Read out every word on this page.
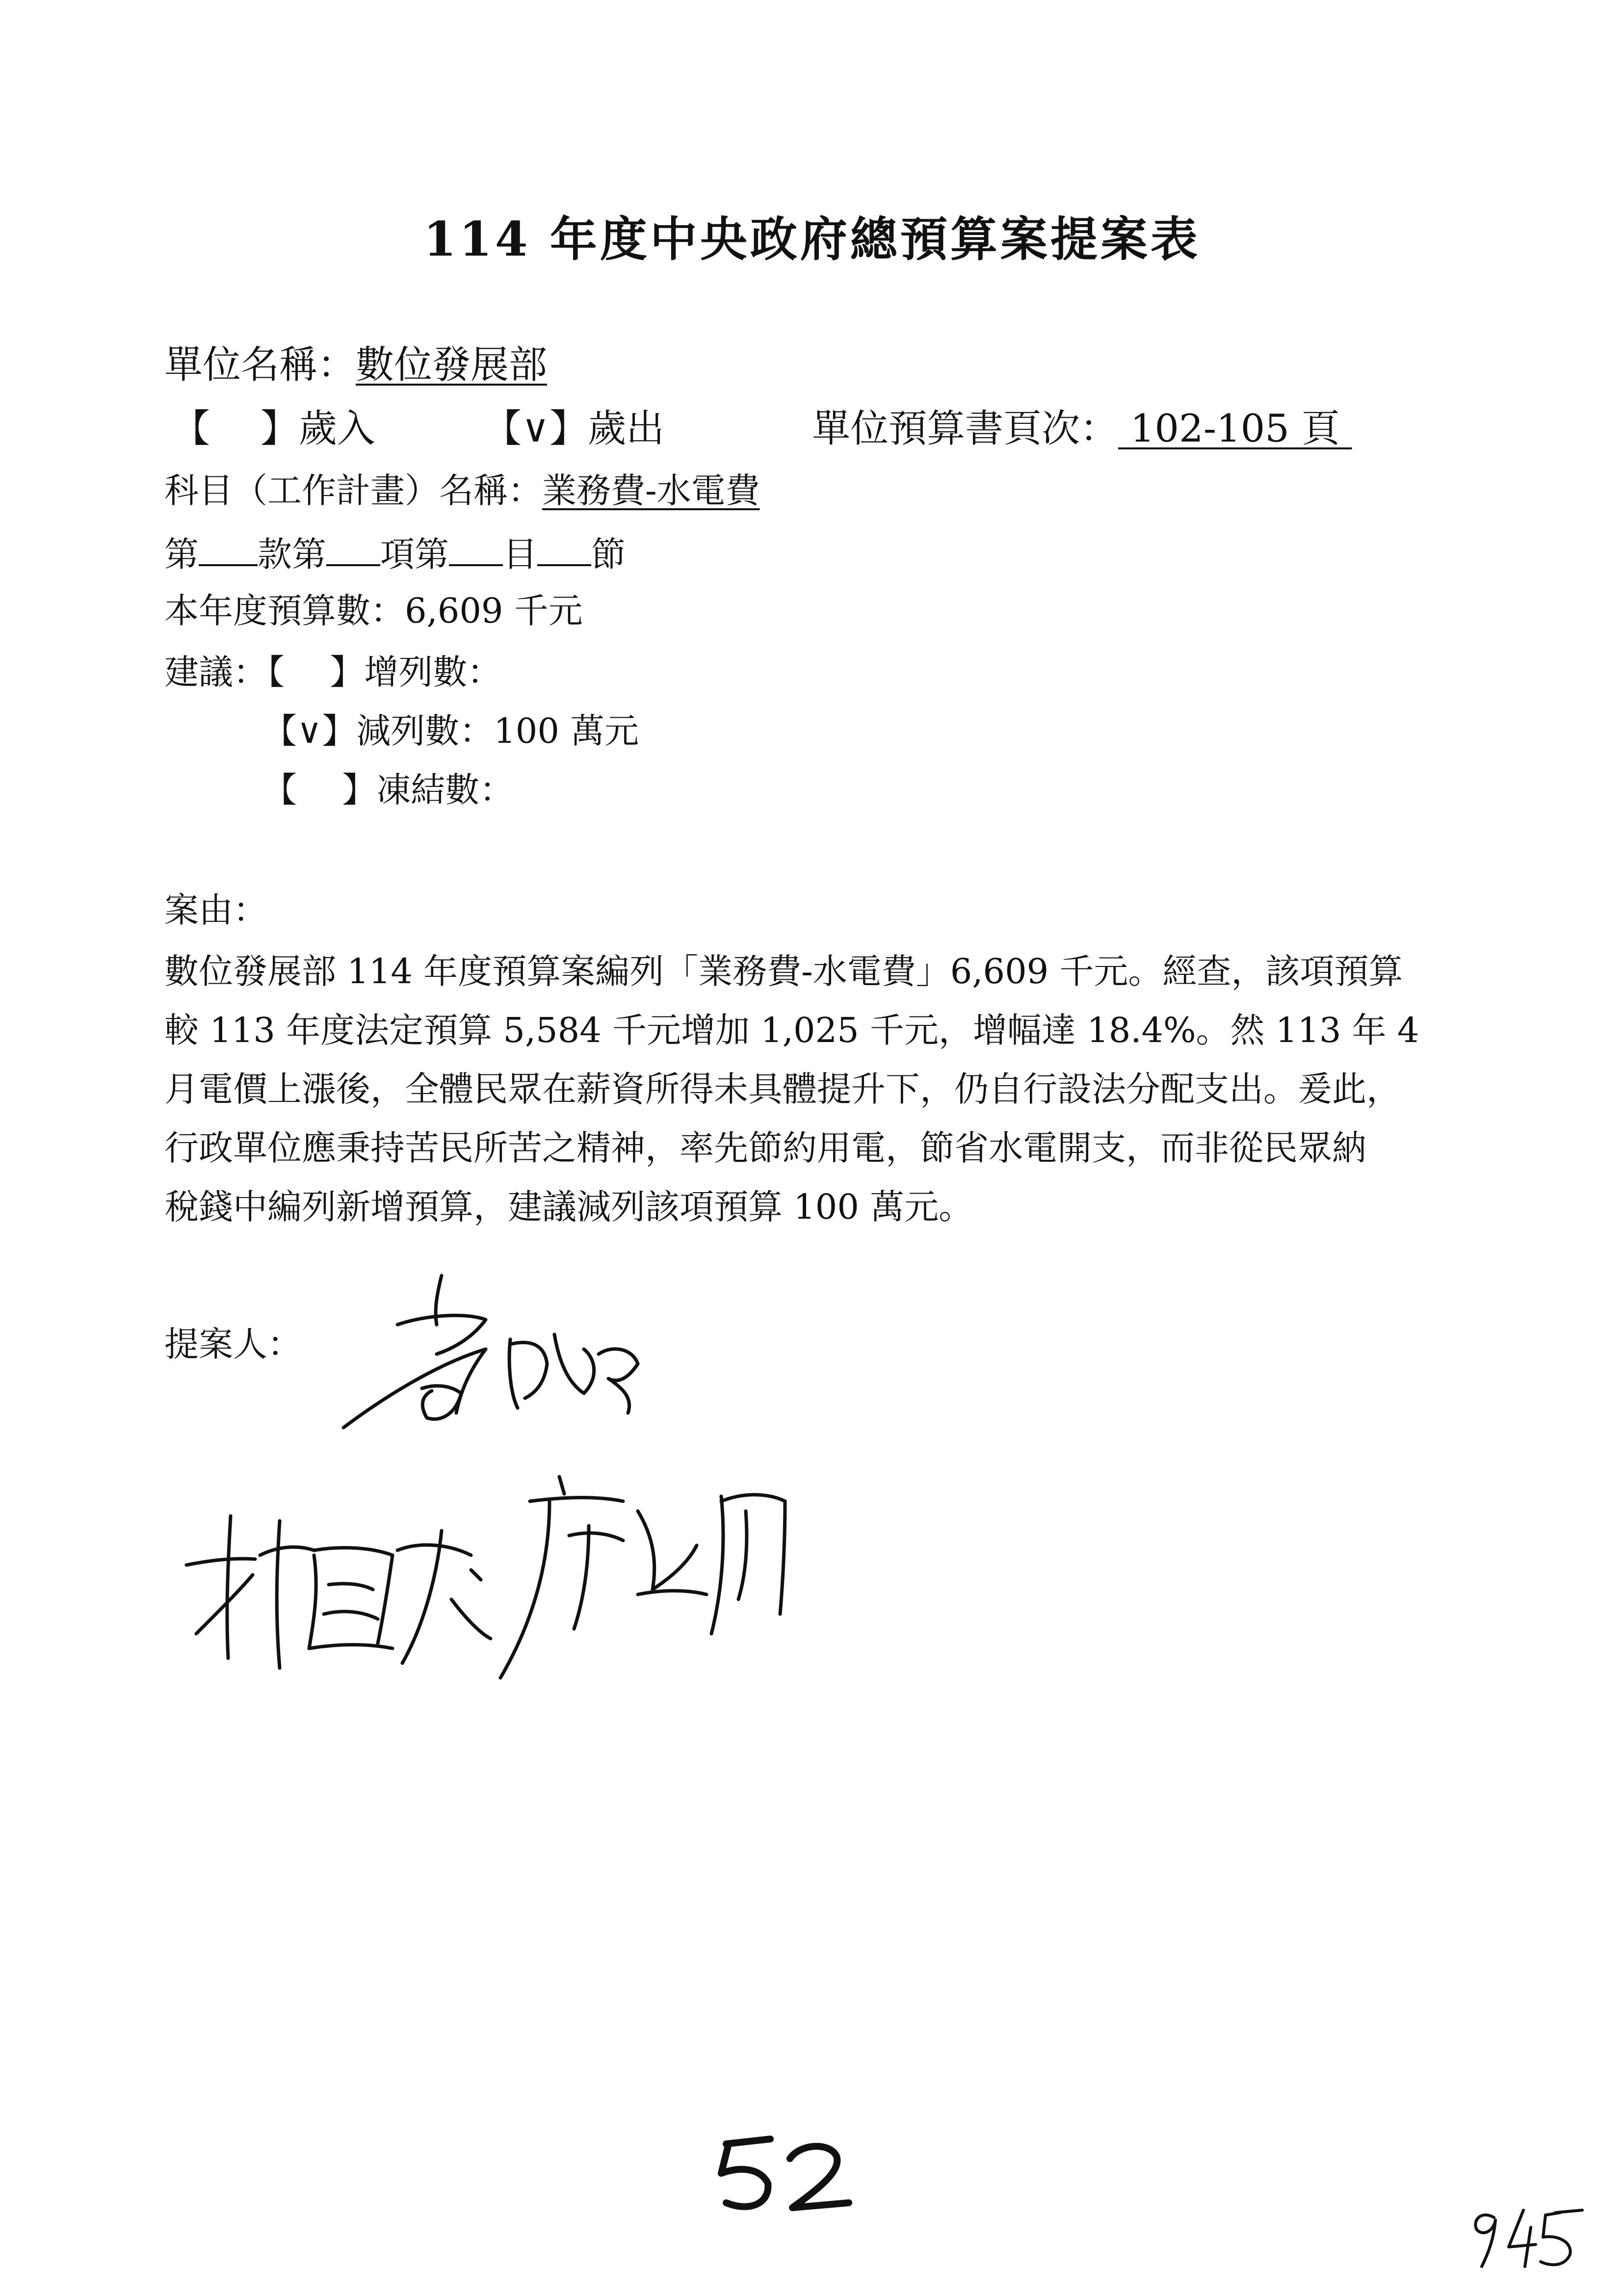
114 年度中央政府總預算案提案表
單位名稱：數位發展部
【　 】歲入	【∨】歲出	單位預算書頁次： 102-105 頁
科目（工作計畫）名稱：業務費-水電費
第 款第 項第 目 節
本年度預算數：6,609 千元
建議：【　 】增列數：
【∨】減列數：100 萬元
【　 】凍結數：
案由：
數位發展部 114 年度預算案編列「業務費-水電費」6,609 千元。經查，該項預算
較 113 年度法定預算 5,584 千元增加 1,025 千元，增幅達 18.4%。然 113 年 4
月電價上漲後，全體民眾在薪資所得未具體提升下，仍自行設法分配支出。爰此，
行政單位應秉持苦民所苦之精神，率先節約用電，節省水電開支，而非從民眾納
稅錢中編列新增預算，建議減列該項預算 100 萬元。
提案人：
